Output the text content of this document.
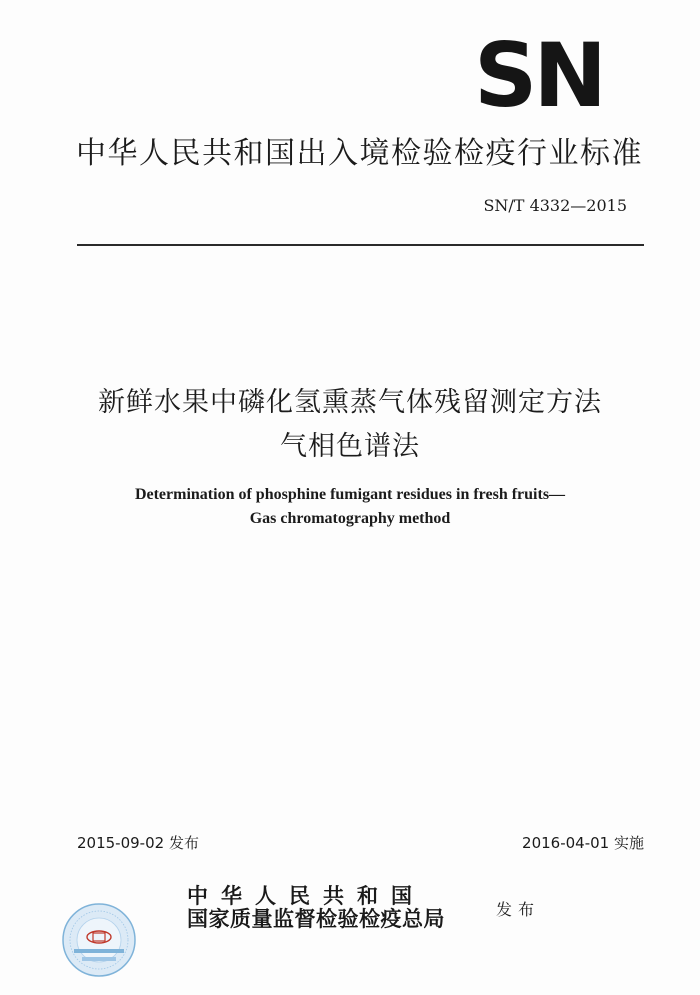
SN
中华人民共和国出入境检验检疫行业标准
SN/T 4332—2015
新鲜水果中磷化氢熏蒸气体残留测定方法
气相色谱法
Determination of phosphine fumigant residues in fresh fruits—
Gas chromatography method
2015-09-02 发布	2016-04-01 实施
中华人民共和国
国家质量监督检验检疫总局	发布
